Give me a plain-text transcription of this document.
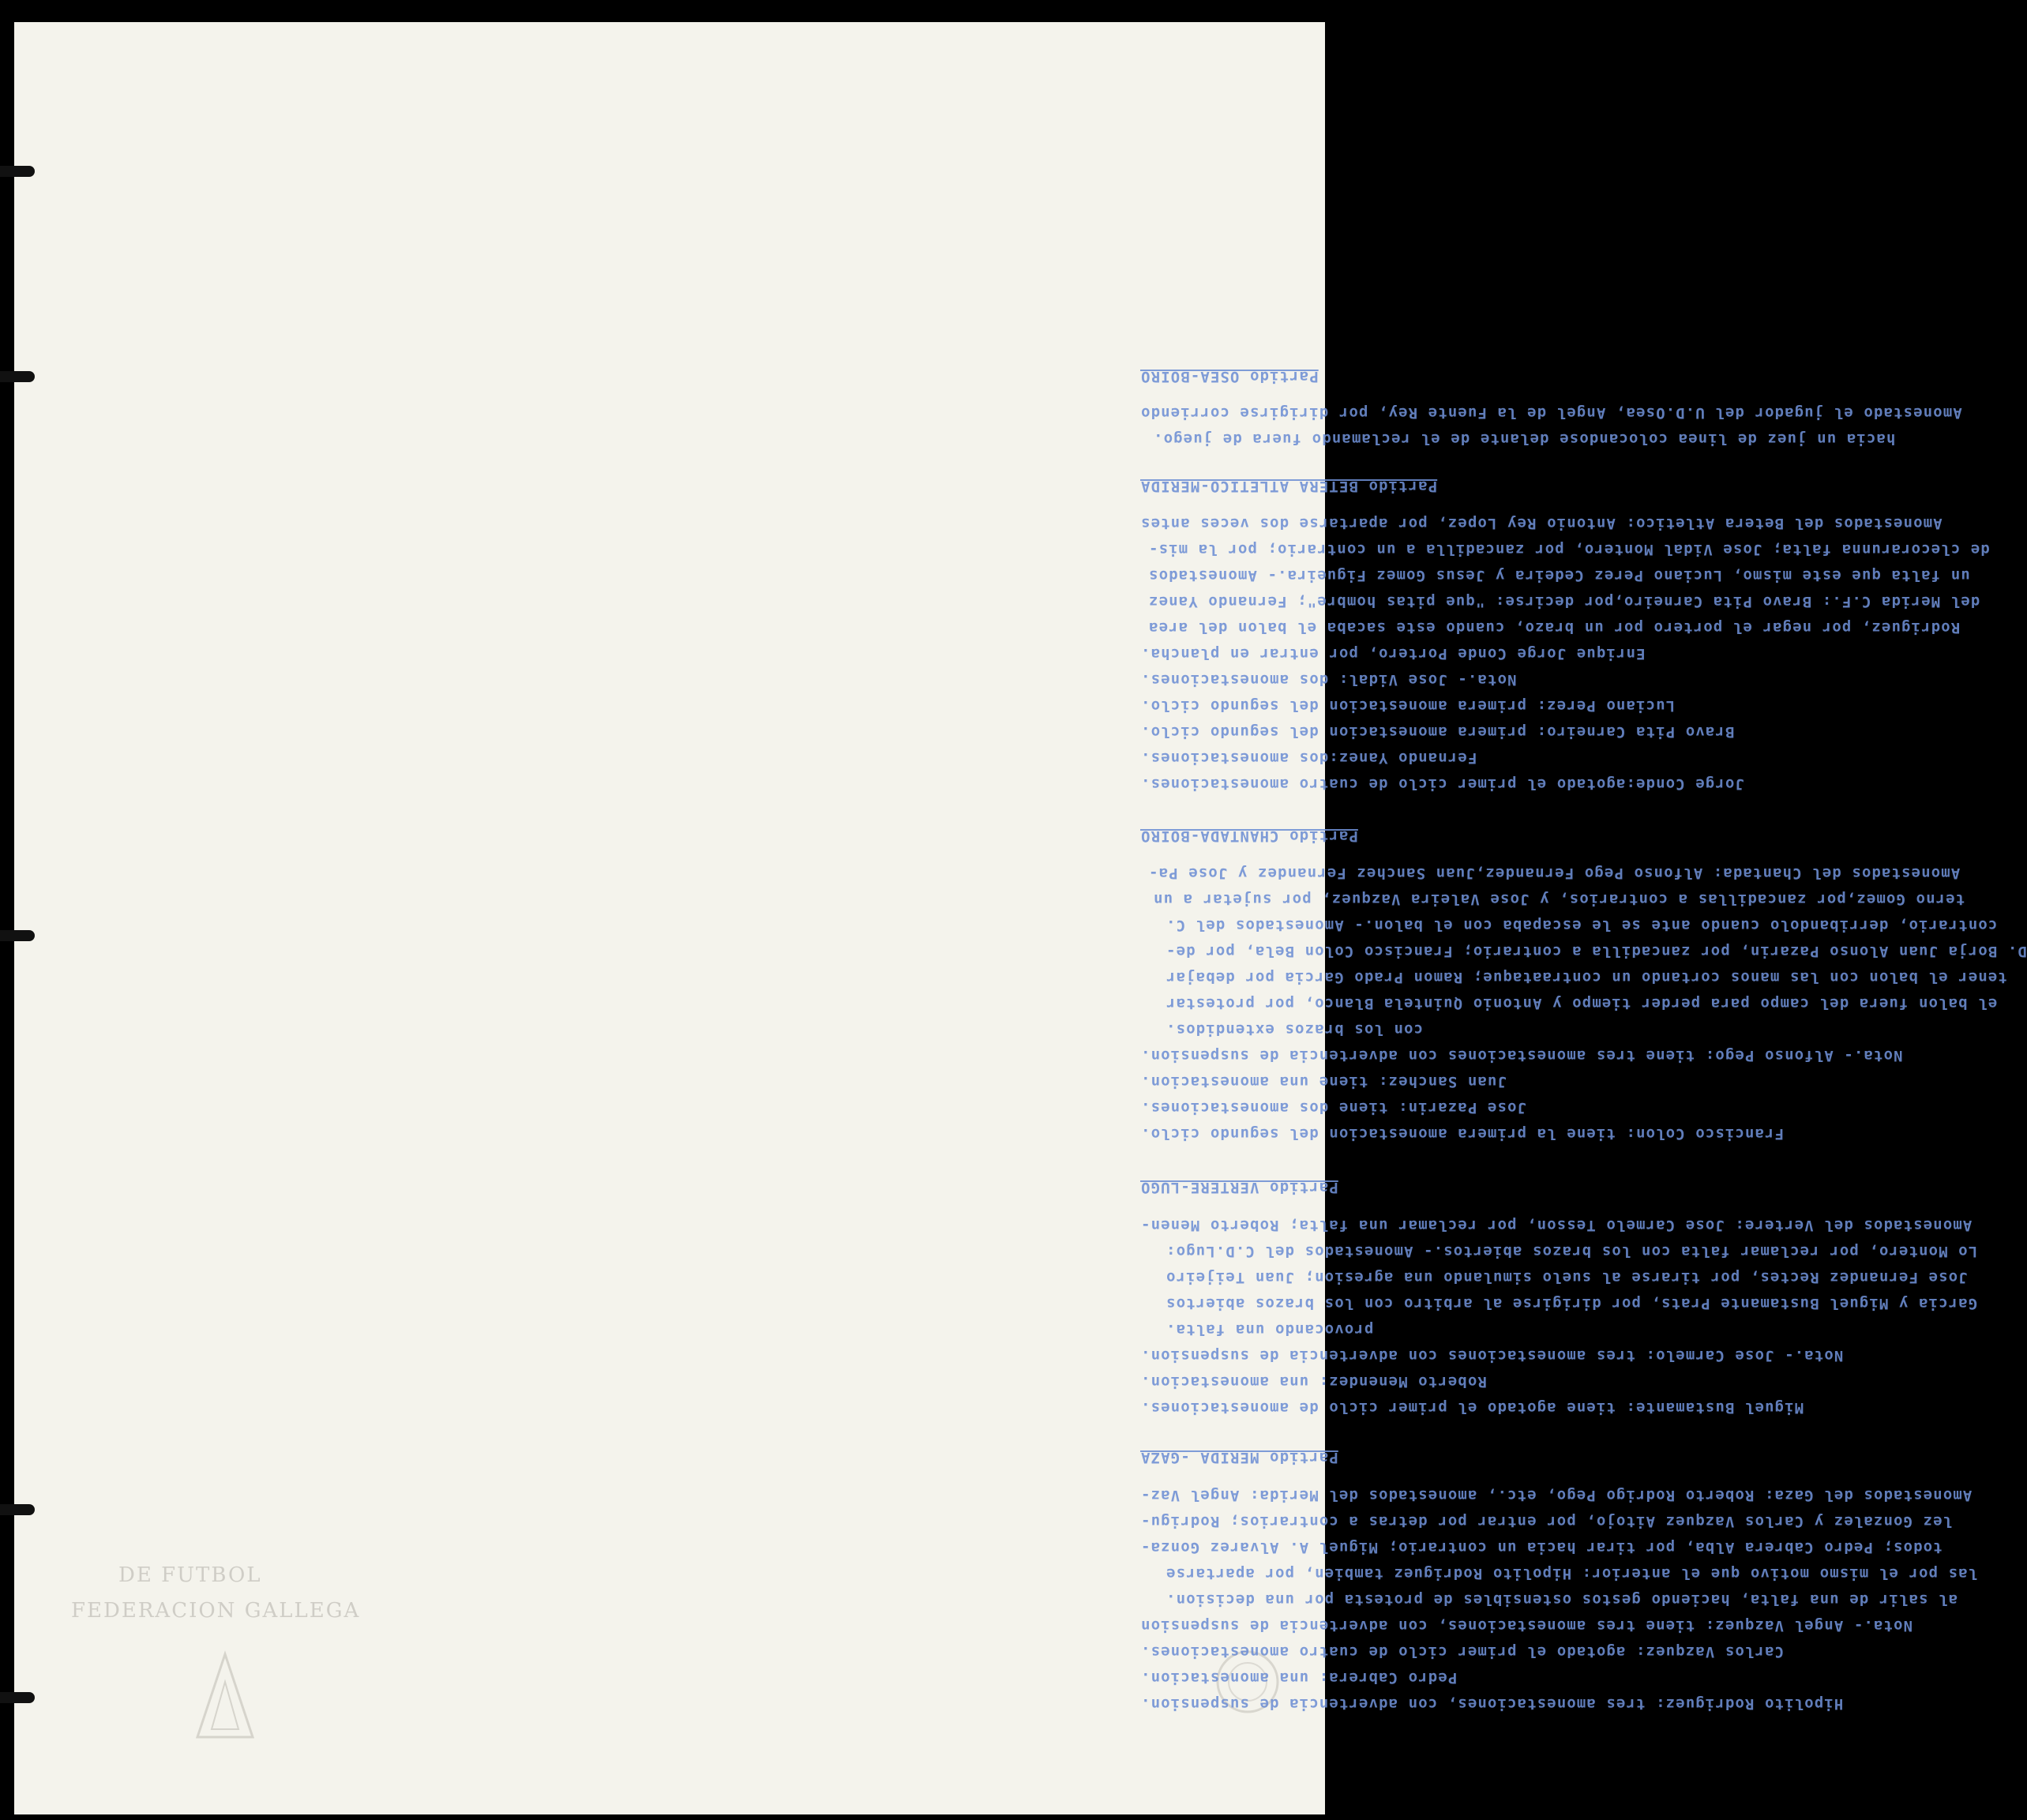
DE FUTBOL
FEDERACION GALLEGA
Hipolito Rodriguez: tres amonestaciones, con advertencia de suspension.
Pedro Cabrera: una amonestacion.
Carlos Vazquez: agotado el primer ciclo de cuatro amonestaciones.
Nota.- Angel Vazquez: tiene tres amonestaciones, con advertencia de suspension
al salir de una falta, haciendo gestos ostensibles de protesta por una decision.
las por el mismo motivo que el anterior: Hipolito Rodriguez tambien, por apartarse
todos; Pedro Cabrera Alba, por tirar hacia un contrario; Miguel A. Alvarez Gonza-
lez Gonzalez y Carlos Vazquez Aitojo, por entrar por detras a contrarios; Rodrigu-
Amonestados del Gaza: Roberto Rodrigo Pego, etc., amonestados del Merida: Angel Vaz-
Partido MERIDA -GAZA
Miguel Bustamante: tiene agotado el primer ciclo de amonestaciones.
Roberto Menendez: una amonestacion.
Nota.- Jose Carmelo: tres amonestaciones con advertencia de suspension.
provocando una falta.
Garcia y Miguel Bustamante Prats, por dirigirse al arbitro con los brazos abiertos
Jose Fernandez Rectes, por tirarse al suelo simulando una agresion; Juan Teijeiro
Lo Montero, por reclamar falta con los brazos abiertos.- Amonestados del C.D.Lugo:
Amonestados del Vertere: Jose Carmelo Tesson, por reclamar una falta; Roberto Menen-
Partido VERTERE-LUGO
Francisco Colon: tiene la primera amonestacion del segundo ciclo.
Jose Pazarin: tiene dos amonestaciones.
Juan Sanchez: tiene una amonestacion.
Nota.- Alfonso Pego: tiene tres amonestaciones con advertencia de suspension.
con los brazos extendidos.
el balon fuera del campo para perder tiempo y Antonio Quintela Blanco, por protestar
tener el balon con las manos cortando un contraataque; Ramon Prado Garcia por debajar
D. Borja Juan Alonso Pazarin, por zancadilla a contrario; Francisco Colon Bela, por de-
contrario, derribandolo cuando ante se le escapaba con el balon.- Amonestados del C.
terno Gomez,por zancadillas a contrarios, y Jose Valeira Vazquez, por sujetar a un
Amonestados del Chantada: Alfonso Pego Fernandez,Juan Sanchez Fernandez y Jose Pa-
Partido CHANTADA-BOIRO
Jorge Conde:agotado el primer ciclo de cuatro amonestaciones.
Fernando Yanez:dos amonestaciones.
Bravo Pita Carneiro: primera amonestacion del segundo ciclo.
Luciano Perez: primera amonestacion del segundo ciclo.
Nota.- Jose Vidal: dos amonestaciones.
Enrique Jorge Conde Portero, por entrar en plancha.
Rodriguez, por negar el portero por un brazo, cuando este sacaba el balon del area
del Merida C.F.: Bravo Pita Carneiro,por decirse: "que pitas hombre"; Fernando Yanez
un falta que este mismo, Luciano Perez Cedeira y Jesus Gomez Figueira.- Amonestados
de clecorarunna falta; Jose Vidal Montero, por zancadilla a un contrario; por la mis-
Amonestados del Betera Atletico: Antonio Rey Lopez, por apartarse dos veces antes
Partido BETERA ATLETICO-MERIDA
hacia un juez de linea colocandose delante de el reclamando fuera de juego.
Amonestado el jugador del U.D.Osea, Angel de la Fuente Rey, por dirigirse corriendo
Partido OSEA-BOIRO
